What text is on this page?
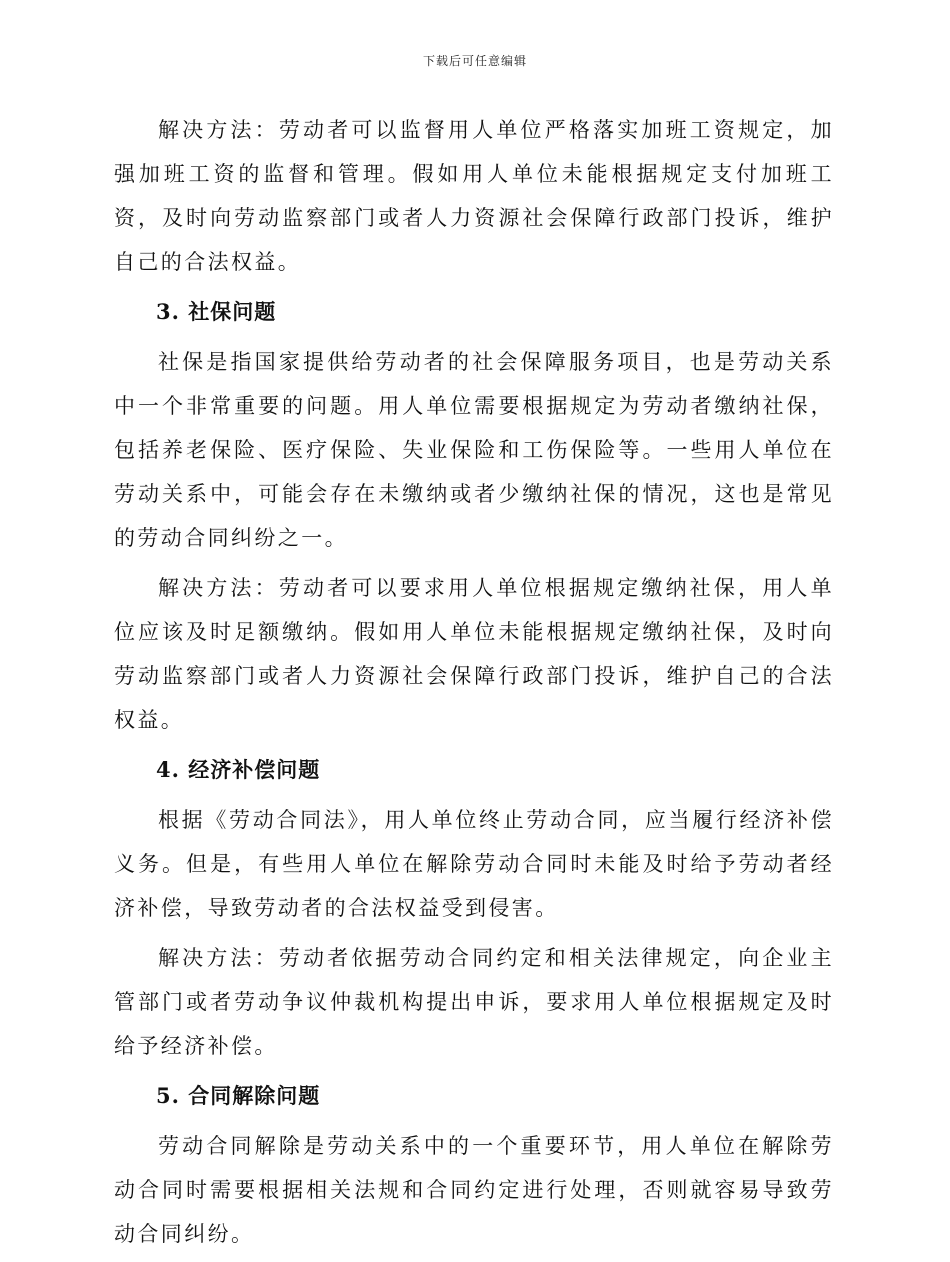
下载后可任意编辑

解决方法：劳动者可以监督用人单位严格落实加班工资规定，加强加班工资的监督和管理。假如用人单位未能根据规定支付加班工资，及时向劳动监察部门或者人力资源社会保障行政部门投诉，维护自己的合法权益。

3. 社保问题

社保是指国家提供给劳动者的社会保障服务项目，也是劳动关系中一个非常重要的问题。用人单位需要根据规定为劳动者缴纳社保，包括养老保险、医疗保险、失业保险和工伤保险等。一些用人单位在劳动关系中，可能会存在未缴纳或者少缴纳社保的情况，这也是常见的劳动合同纠纷之一。

解决方法：劳动者可以要求用人单位根据规定缴纳社保，用人单位应该及时足额缴纳。假如用人单位未能根据规定缴纳社保，及时向劳动监察部门或者人力资源社会保障行政部门投诉，维护自己的合法权益。

4. 经济补偿问题

根据《劳动合同法》，用人单位终止劳动合同，应当履行经济补偿义务。但是，有些用人单位在解除劳动合同时未能及时给予劳动者经济补偿，导致劳动者的合法权益受到侵害。

解决方法：劳动者依据劳动合同约定和相关法律规定，向企业主管部门或者劳动争议仲裁机构提出申诉，要求用人单位根据规定及时给予经济补偿。

5. 合同解除问题

劳动合同解除是劳动关系中的一个重要环节，用人单位在解除劳动合同时需要根据相关法规和合同约定进行处理，否则就容易导致劳动合同纠纷。
